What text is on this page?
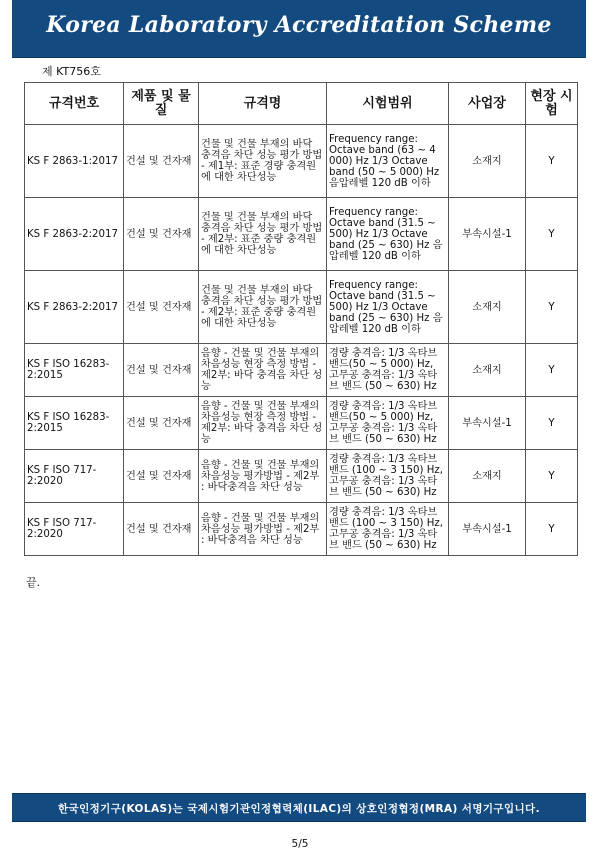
Korea Laboratory Accreditation Scheme
제 KT756호
규격번호	제품 및 물질	규격명	시험범위	사업장	현장 시험
KS F 2863-1:2017	건설 및 건자재	건물 및 건물 부재의 바닥 충격음 차단 성능 평가 방법 - 제1부: 표준 경량 충격원에 대한 차단성능	Frequency range: Octave band (63 ~ 4 000) Hz 1/3 Octave band (50 ~ 5 000) Hz 음압레벨 120 dB 이하	소재지	Y
KS F 2863-2:2017	건설 및 건자재	건물 및 건물 부재의 바닥 충격음 차단 성능 평가 방법 - 제2부: 표준 중량 충격원에 대한 차단성능	Frequency range: Octave band (31.5 ~ 500) Hz 1/3 Octave band (25 ~ 630) Hz 음압레벨 120 dB 이하	부속시설-1	Y
KS F 2863-2:2017	건설 및 건자재	건물 및 건물 부재의 바닥 충격음 차단 성능 평가 방법 - 제2부: 표준 중량 충격원에 대한 차단성능	Frequency range: Octave band (31.5 ~ 500) Hz 1/3 Octave band (25 ~ 630) Hz 음압레벨 120 dB 이하	소재지	Y
KS F ISO 16283-2:2015	건설 및 건자재	음향 - 건물 및 건물 부재의 차음성능 현장 측정 방법 - 제2부: 바닥 충격음 차단 성능	경량 충격음: 1/3 옥타브 밴드(50 ~ 5 000) Hz, 고무공 충격음: 1/3 옥타브 밴드 (50 ~ 630) Hz	소재지	Y
KS F ISO 16283-2:2015	건설 및 건자재	음향 - 건물 및 건물 부재의 차음성능 현장 측정 방법 - 제2부: 바닥 충격음 차단 성능	경량 충격음: 1/3 옥타브 밴드(50 ~ 5 000) Hz, 고무공 충격음: 1/3 옥타브 밴드 (50 ~ 630) Hz	부속시설-1	Y
KS F ISO 717-2:2020	건설 및 건자재	음향 - 건물 및 건물 부재의 차음성능 평가방법 - 제2부 : 바닥충격음 차단 성능	경량 충격음: 1/3 옥타브 밴드 (100 ~ 3 150) Hz, 고무공 충격음: 1/3 옥타브 밴드 (50 ~ 630) Hz	소재지	Y
KS F ISO 717-2:2020	건설 및 건자재	음향 - 건물 및 건물 부재의 차음성능 평가방법 - 제2부 : 바닥충격음 차단 성능	경량 충격음: 1/3 옥타브 밴드 (100 ~ 3 150) Hz, 고무공 충격음: 1/3 옥타브 밴드 (50 ~ 630) Hz	부속시설-1	Y
끝.
한국인정기구(KOLAS)는 국제시험기관인정협력체(ILAC)의 상호인정협정(MRA) 서명기구입니다.
5/5
